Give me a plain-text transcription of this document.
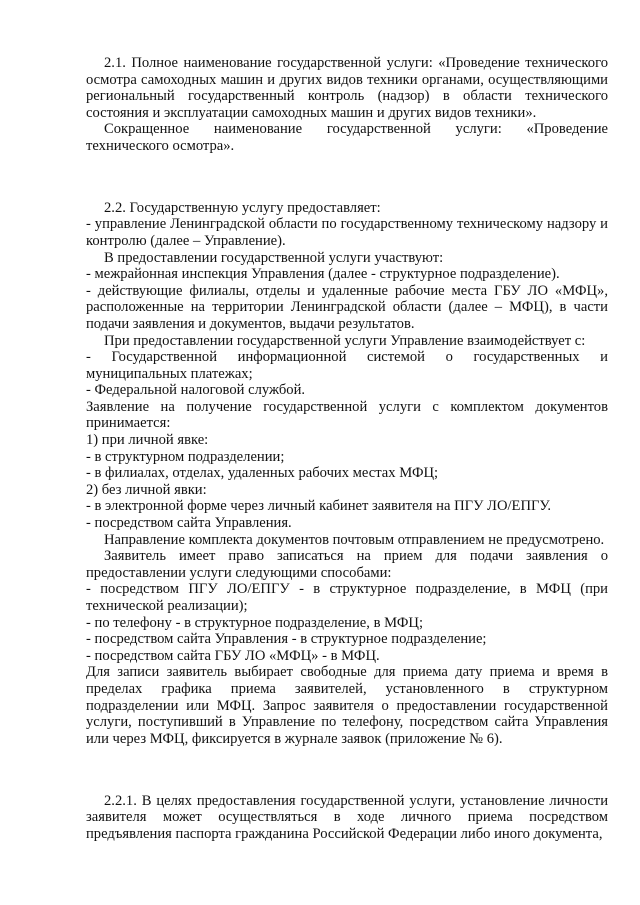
2.1. Полное наименование государственной услуги: «Проведение технического осмотра самоходных машин и других видов техники органами, осуществляющими региональный государственный контроль (надзор) в области технического состояния и эксплуатации самоходных машин и других видов техники».

Сокращенное наименование государственной услуги: «Проведение технического осмотра».

2.2. Государственную услугу предоставляет:

- управление Ленинградской области по государственному техническому надзору и контролю (далее – Управление).

В предоставлении государственной услуги участвуют:

- межрайонная инспекция Управления (далее - структурное подразделение).

- действующие филиалы, отделы и удаленные рабочие места ГБУ ЛО «МФЦ», расположенные на территории Ленинградской области (далее – МФЦ), в части подачи заявления и документов, выдачи результатов.

При предоставлении государственной услуги Управление взаимодействует с:

- Государственной информационной системой о государственных и муниципальных платежах;

- Федеральной налоговой службой.

Заявление на получение государственной услуги с комплектом документов принимается:

1) при личной явке:

- в структурном подразделении;

- в филиалах, отделах, удаленных рабочих местах МФЦ;

2) без личной явки:

- в электронной форме через личный кабинет заявителя на ПГУ ЛО/ЕПГУ.

- посредством сайта Управления.

Направление комплекта документов почтовым отправлением не предусмотрено.

Заявитель имеет право записаться на прием для подачи заявления о предоставлении услуги следующими способами:

- посредством ПГУ ЛО/ЕПГУ - в структурное подразделение, в МФЦ (при технической реализации);

- по телефону - в структурное подразделение, в МФЦ;

- посредством сайта Управления - в структурное подразделение;

- посредством сайта ГБУ ЛО «МФЦ» - в МФЦ.

Для записи заявитель выбирает свободные для приема дату приема и время в пределах графика приема заявителей, установленного в структурном подразделении или МФЦ. Запрос заявителя о предоставлении государственной услуги, поступивший в Управление по телефону, посредством сайта Управления или через МФЦ, фиксируется в журнале заявок (приложение № 6).

2.2.1. В целях предоставления государственной услуги, установление личности заявителя может осуществляться в ходе личного приема посредством предъявления паспорта гражданина Российской Федерации либо иного документа,
